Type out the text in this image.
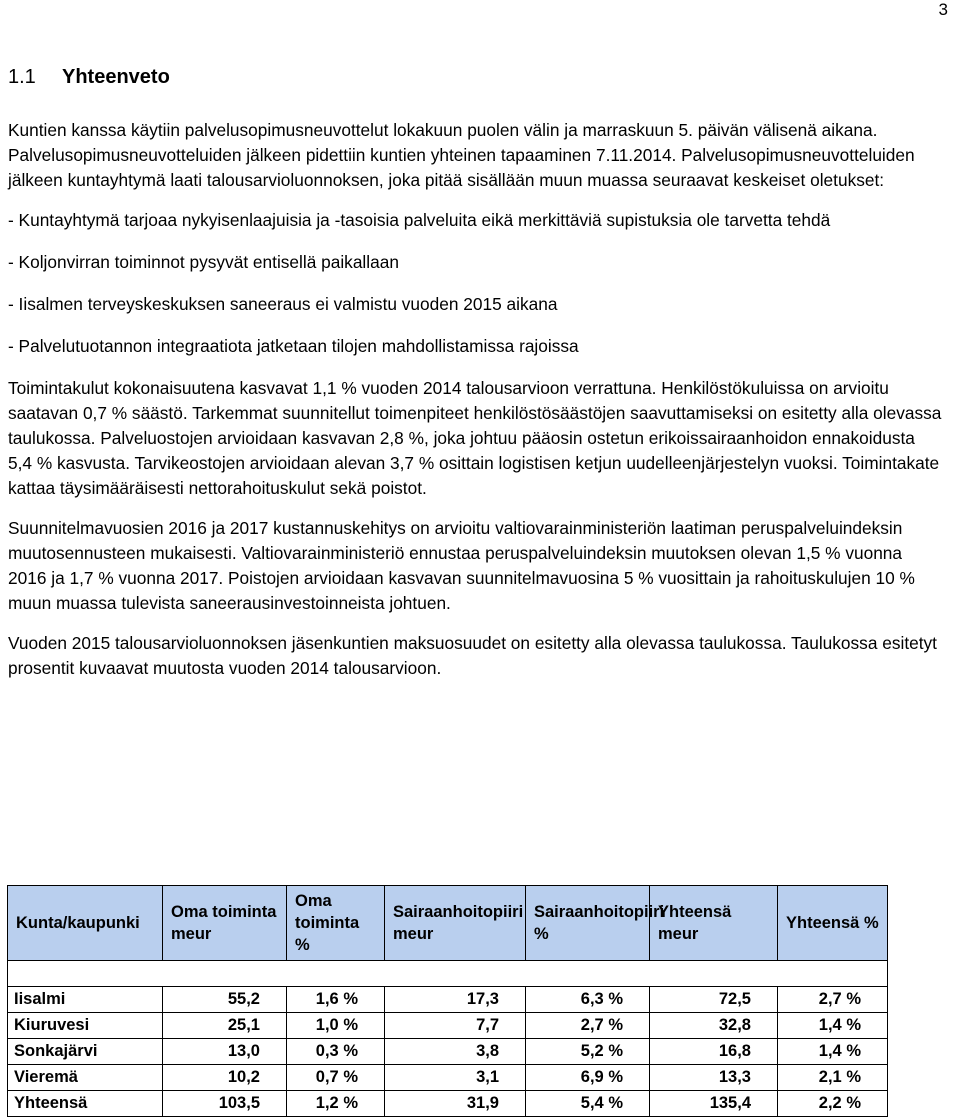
3
1.1 Yhteenveto

Kuntien kanssa käytiin palvelusopimusneuvottelut lokakuun puolen välin ja marraskuun 5. päivän välisenä aikana. Palvelusopimusneuvotteluiden jälkeen pidettiin kuntien yhteinen tapaaminen 7.11.2014. Palvelusopimusneuvotteluiden jälkeen kuntayhtymä laati talousarvioluonnoksen, joka pitää sisällään muun muassa seuraavat keskeiset oletukset:

- Kuntayhtymä tarjoaa nykyisenlaajuisia ja -tasoisia palveluita eikä merkittäviä supistuksia ole tarvetta tehdä

- Koljonvirran toiminnot pysyvät entisellä paikallaan

- Iisalmen terveyskeskuksen saneeraus ei valmistu vuoden 2015 aikana

- Palvelutuotannon integraatiota jatketaan tilojen mahdollistamissa rajoissa

Toimintakulut kokonaisuutena kasvavat 1,1 % vuoden 2014 talousarvioon verrattuna. Henkilöstökuluissa on arvioitu saatavan 0,7 % säästö. Tarkemmat suunnitellut toimenpiteet henkilöstösäästöjen saavuttamiseksi on esitetty alla olevassa taulukossa. Palveluostojen arvioidaan kasvavan 2,8 %, joka johtuu pääosin ostetun erikoissairaanhoidon ennakoidusta 5,4 % kasvusta. Tarvikeostojen arvioidaan alevan 3,7 % osittain logistisen ketjun uudelleenjärjestelyn vuoksi. Toimintakate kattaa täysimääräisesti nettorahoituskulut sekä poistot.

Suunnitelmavuosien 2016 ja 2017 kustannuskehitys on arvioitu valtiovarainministeriön laatiman peruspalveluindeksin muutosennusteen mukaisesti. Valtiovarainministeriö ennustaa peruspalveluindeksin muutoksen olevan 1,5 % vuonna 2016 ja 1,7 % vuonna 2017. Poistojen arvioidaan kasvavan suunnitelmavuosina 5 % vuosittain ja rahoituskulujen 10 % muun muassa tulevista saneerausinvestoinneista johtuen.

Vuoden 2015 talousarvioluonnoksen jäsenkuntien maksuosuudet on esitetty alla olevassa taulukossa. Taulukossa esitetyt prosentit kuvaavat muutosta vuoden 2014 talousarvioon.

Kunta/kaupunki	Oma toiminta meur	Oma toiminta %	Sairaanhoitopiiri meur	Sairaanhoitopiiri %	Yhteensä meur	Yhteensä %

Iisalmi	55,2	1,6 %	17,3	6,3 %	72,5	2,7 %
Kiuruvesi	25,1	1,0 %	7,7	2,7 %	32,8	1,4 %
Sonkajärvi	13,0	0,3 %	3,8	5,2 %	16,8	1,4 %
Vieremä	10,2	0,7 %	3,1	6,9 %	13,3	2,1 %
Yhteensä	103,5	1,2 %	31,9	5,4 %	135,4	2,2 %
